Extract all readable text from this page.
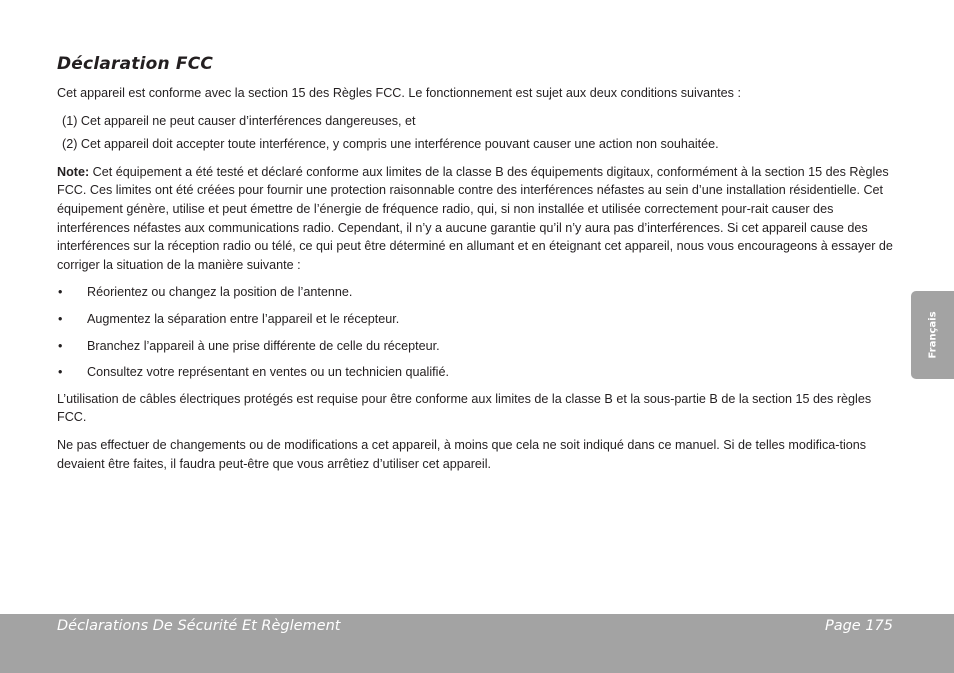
Déclaration FCC

Cet appareil est conforme avec la section 15 des Règles FCC. Le fonctionnement est sujet aux deux conditions suivantes :

(1) Cet appareil ne peut causer d’interférences dangereuses, et

(2) Cet appareil doit accepter toute interférence, y compris une interférence pouvant causer une action non souhaitée.

Note: Cet équipement a été testé et déclaré conforme aux limites de la classe B des équipements digitaux, conformément à la section 15 des Règles FCC. Ces limites ont été créées pour fournir une protection raisonnable contre des interférences néfastes au sein d’une installation résidentielle. Cet équipement génère, utilise et peut émettre de l’énergie de fréquence radio, qui, si non installée et utilisée correctement pour-rait causer des interférences néfastes aux communications radio. Cependant, il n’y a aucune garantie qu’il n’y aura pas d’interférences. Si cet appareil cause des interférences sur la réception radio ou télé, ce qui peut être déterminé en allumant et en éteignant cet appareil, nous vous encourageons à essayer de corriger la situation de la manière suivante :

•	Réorientez ou changez la position de l’antenne.
•	Augmentez la séparation entre l’appareil et le récepteur.
•	Branchez l’appareil à une prise différente de celle du récepteur.
•	Consultez votre représentant en ventes ou un technicien qualifié.

L’utilisation de câbles électriques protégés est requise pour être conforme aux limites de la classe B et la sous-partie B de la section 15 des règles FCC.

Ne pas effectuer de changements ou de modifications a cet appareil, à moins que cela ne soit indiqué dans ce manuel. Si de telles modifica-tions devaient être faites, il faudra peut-être que vous arrêtiez d’utiliser cet appareil.

Français
Déclarations De Sécurité Et Règlement	Page 175
